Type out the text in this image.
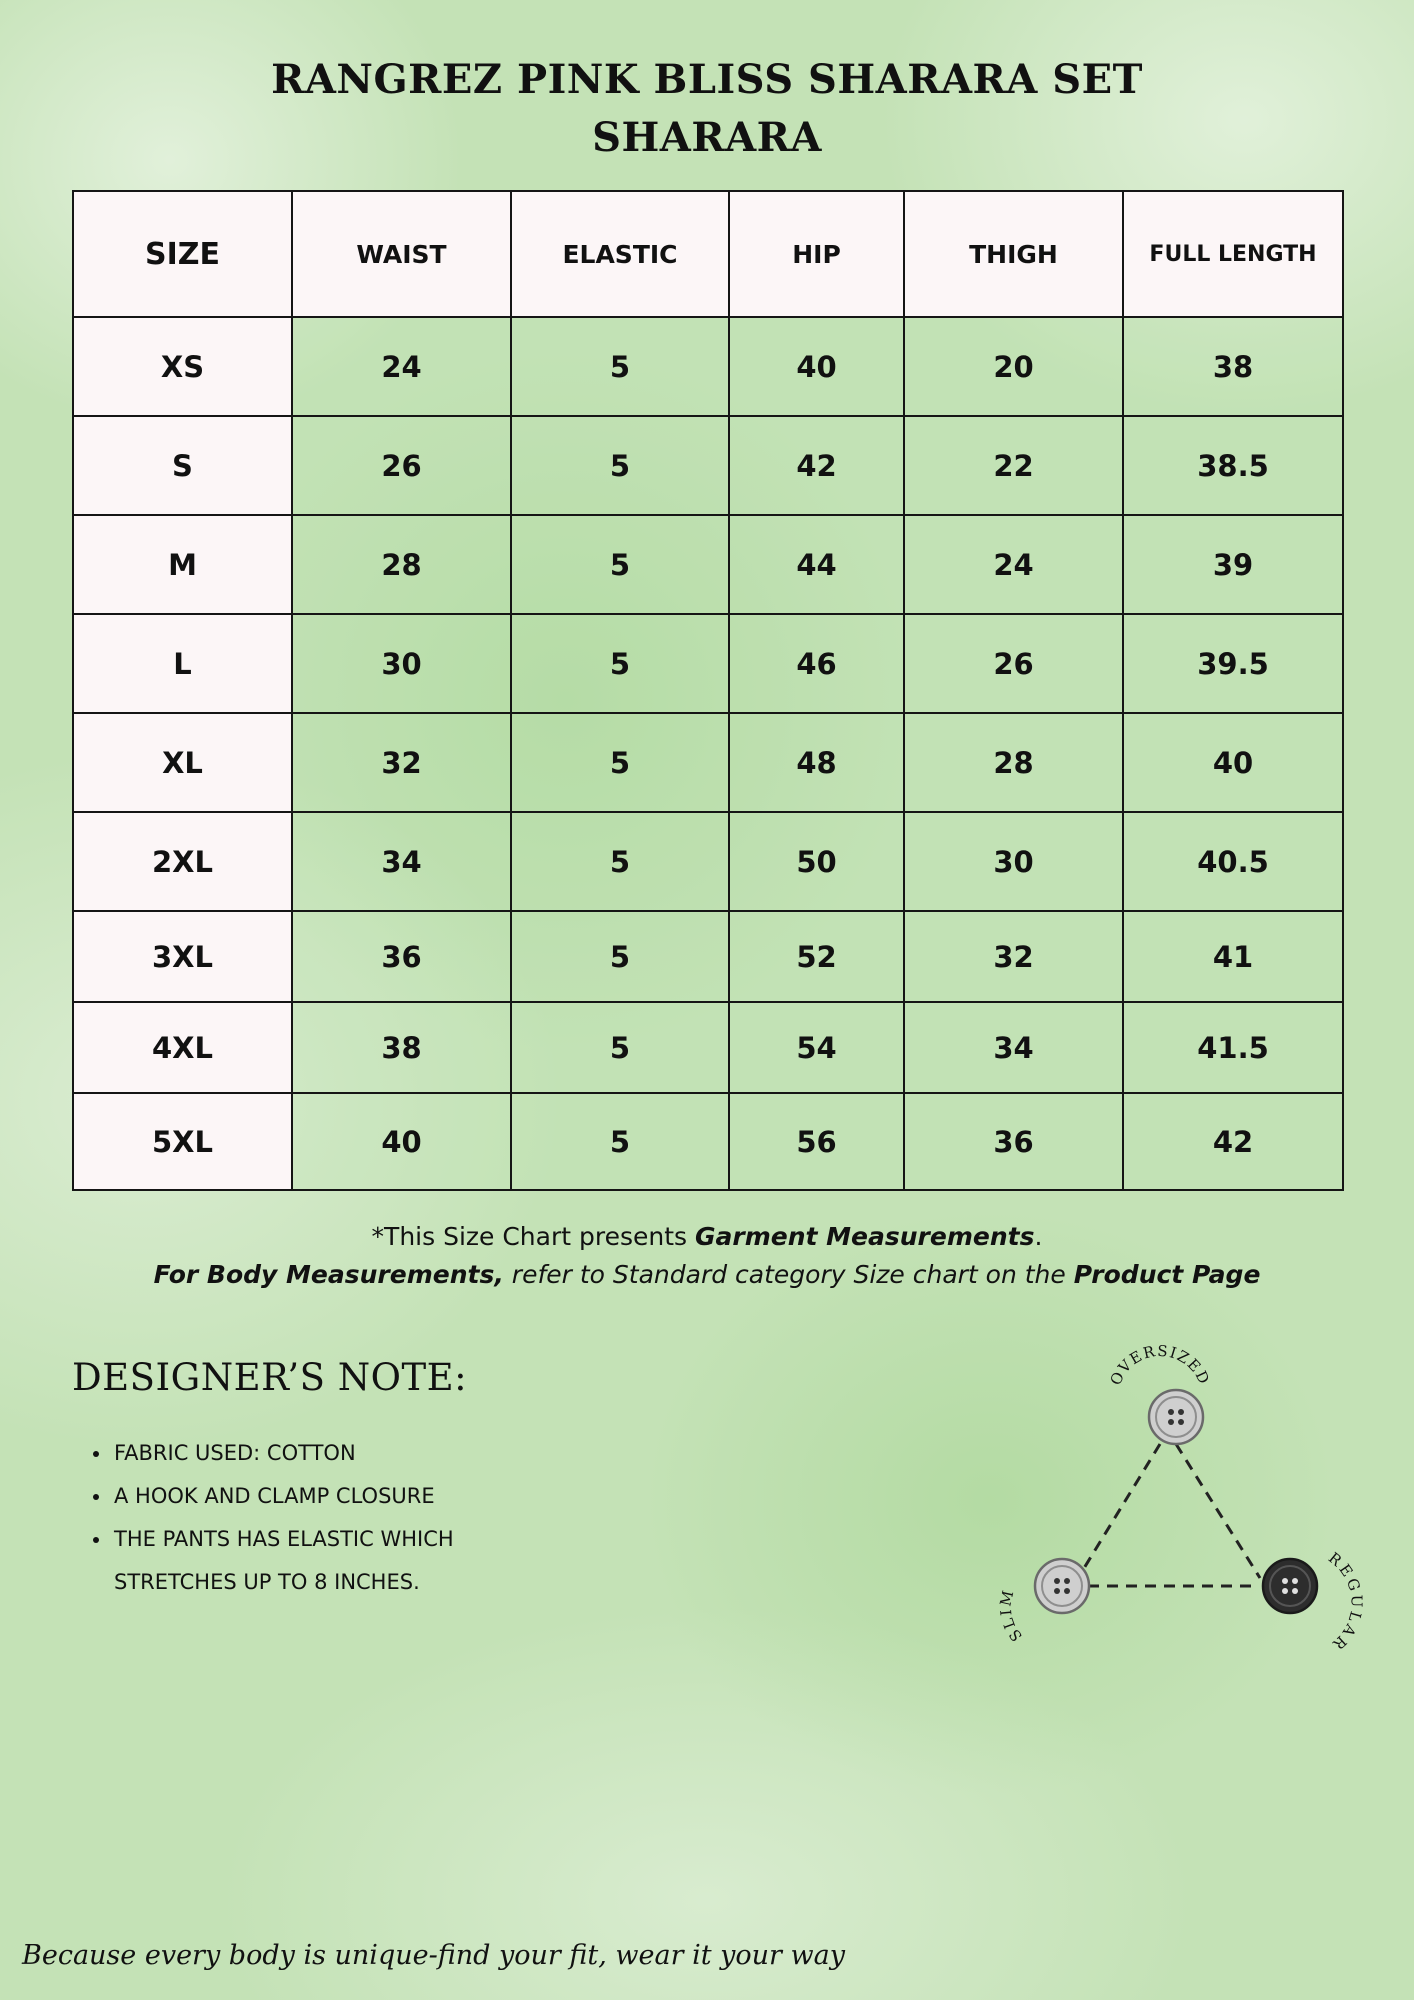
RANGREZ PINK BLISS SHARARA SET
SHARARA
SIZE	WAIST	ELASTIC	HIP	THIGH	FULL LENGTH
XS	24	5	40	20	38
S	26	5	42	22	38.5
M	28	5	44	24	39
L	30	5	46	26	39.5
XL	32	5	48	28	40
2XL	34	5	50	30	40.5
3XL	36	5	52	32	41
4XL	38	5	54	34	41.5
5XL	40	5	56	36	42

*This Size Chart presents Garment Measurements.

For Body Measurements, refer to Standard category Size chart on the Product Page

DESIGNER’S NOTE:
• FABRIC USED: COTTON
• A HOOK AND CLAMP CLOSURE
• THE PANTS HAS ELASTIC WHICH STRETCHES UP TO 8 INCHES.
OVERSIZED
SLIM
REGULAR

Because every body is unique-find your fit, wear it your way
